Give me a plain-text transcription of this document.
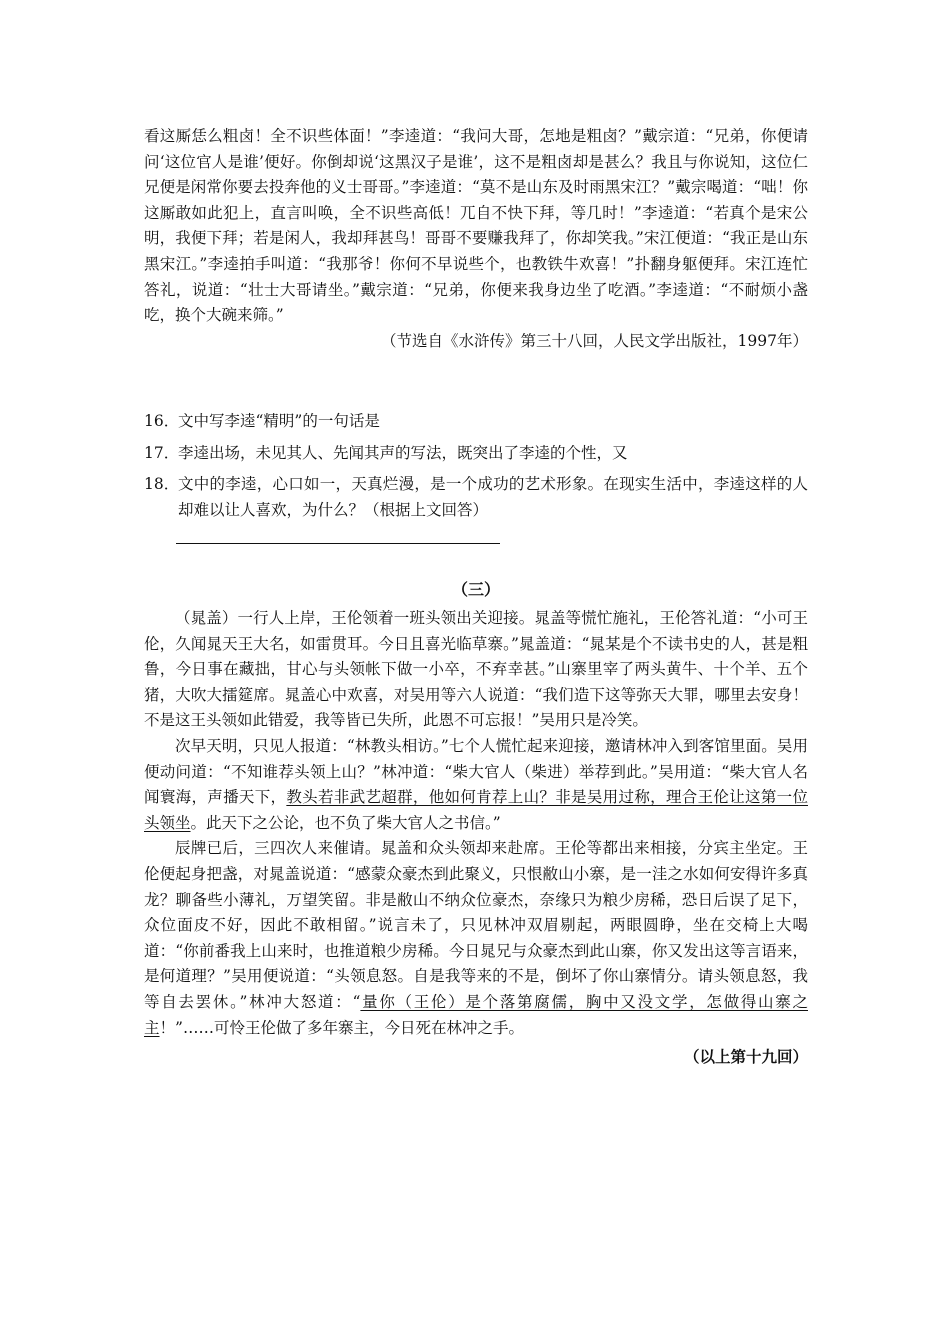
看这厮恁么粗卤！全不识些体面！”李逵道：“我问大哥，怎地是粗卤？”戴宗道：“兄弟，你便请问‘这位官人是谁’便好。你倒却说‘这黑汉子是谁’，这不是粗卤却是甚么？我且与你说知，这位仁兄便是闲常你要去投奔他的义士哥哥。”李逵道：“莫不是山东及时雨黑宋江？”戴宗喝道：“咄！你这厮敢如此犯上，直言叫唤，全不识些高低！兀自不快下拜，等几时！”李逵道：“若真个是宋公明，我便下拜；若是闲人，我却拜甚鸟！哥哥不要赚我拜了，你却笑我。”宋江便道：“我正是山东黑宋江。”李逵拍手叫道：“我那爷！你何不早说些个，也教铁牛欢喜！”扑翻身躯便拜。宋江连忙答礼，说道：“壮士大哥请坐。”戴宗道：“兄弟，你便来我身边坐了吃酒。”李逵道：“不耐烦小盏吃，换个大碗来筛。”

（节选自《水浒传》第三十八回，人民文学出版社，1997年）

16．
文中写李逵“精明”的一句话是
17．
李逵出场，未见其人、先闻其声的写法，既突出了李逵的个性，又
18．
文中的李逵，心口如一，天真烂漫，是一个成功的艺术形象。在现实生活中，李逵这样的人却难以让人喜欢，为什么？（根据上文回答）
（三）

（晁盖）一行人上岸，王伦领着一班头领出关迎接。晁盖等慌忙施礼，王伦答礼道：“小可王伦，久闻晁天王大名，如雷贯耳。今日且喜光临草寨。”晁盖道：“晁某是个不读书史的人，甚是粗鲁，今日事在藏拙，甘心与头领帐下做一小卒，不弃幸甚。”山寨里宰了两头黄牛、十个羊、五个猪，大吹大擂筵席。晁盖心中欢喜，对吴用等六人说道：“我们造下这等弥天大罪，哪里去安身！不是这王头领如此错爱，我等皆已失所，此恩不可忘报！”吴用只是冷笑。

次早天明，只见人报道：“林教头相访。”七个人慌忙起来迎接，邀请林冲入到客馆里面。吴用便动问道：“不知谁荐头领上山？”林冲道：“柴大官人（柴进）举荐到此。”吴用道：“柴大官人名闻寰海，声播天下，教头若非武艺超群，他如何肯荐上山？非是吴用过称，理合王伦让这第一位头领坐。此天下之公论，也不负了柴大官人之书信。”

辰牌已后，三四次人来催请。晁盖和众头领却来赴席。王伦等都出来相接，分宾主坐定。王伦便起身把盏，对晁盖说道：“感蒙众豪杰到此聚义，只恨敝山小寨，是一洼之水如何安得许多真龙？聊备些小薄礼，万望笑留。非是敝山不纳众位豪杰，奈缘只为粮少房稀，恐日后误了足下，众位面皮不好，因此不敢相留。”说言未了，只见林冲双眉剔起，两眼圆睁，坐在交椅上大喝道：“你前番我上山来时，也推道粮少房稀。今日晁兄与众豪杰到此山寨，你又发出这等言语来，是何道理？”吴用便说道：“头领息怒。自是我等来的不是，倒坏了你山寨情分。请头领息怒，我等自去罢休。”林冲大怒道：“量你（王伦）是个落第腐儒，胸中又没文学，怎做得山寨之主！”……可怜王伦做了多年寨主，今日死在林冲之手。

（以上第十九回）
